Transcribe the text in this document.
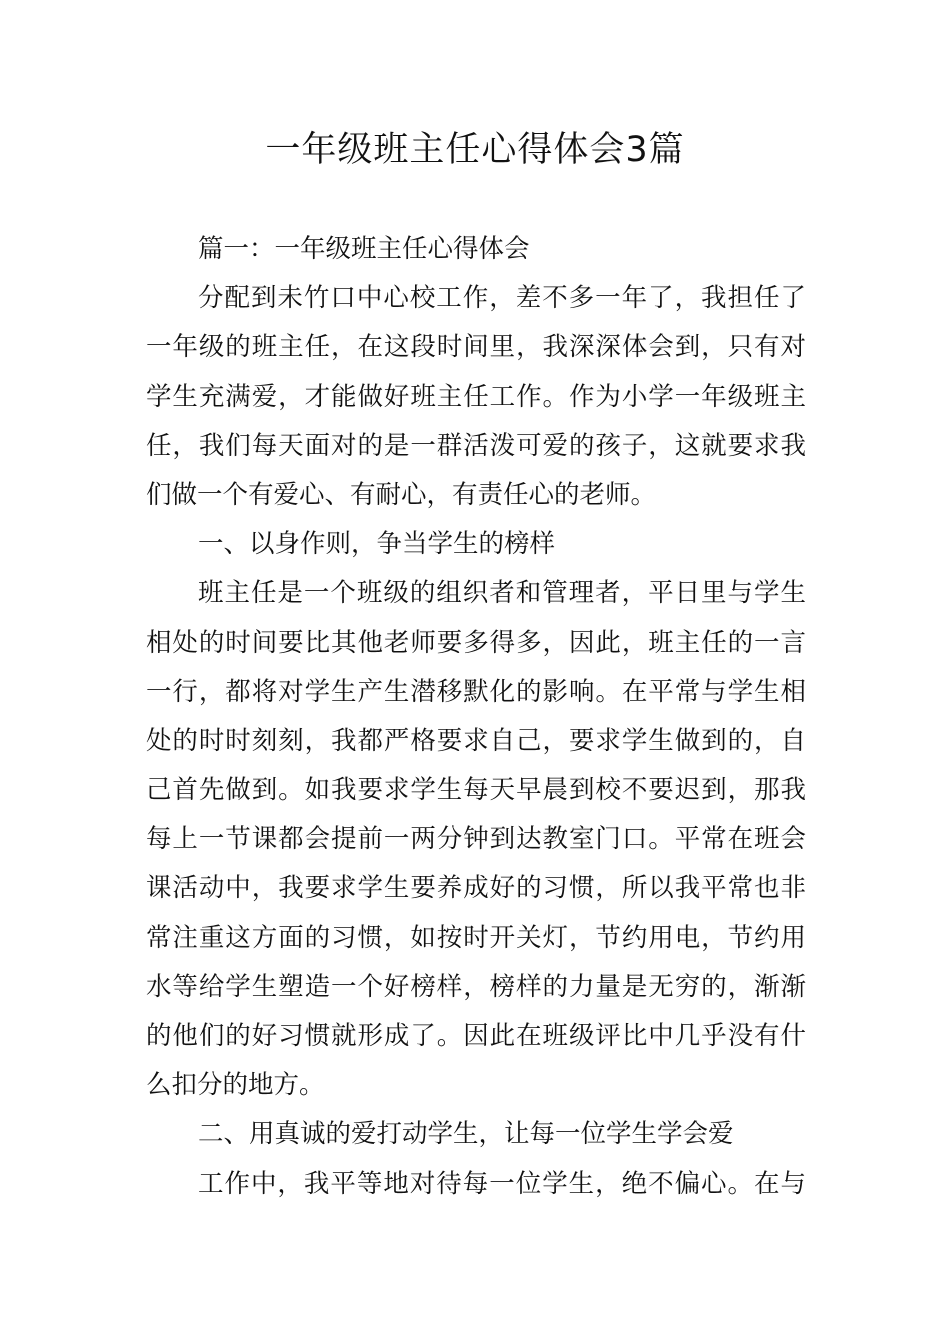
一年级班主任心得体会3篇
篇一：一年级班主任心得体会
分配到未竹口中心校工作，差不多一年了，我担任了
一年级的班主任，在这段时间里，我深深体会到，只有对
学生充满爱，才能做好班主任工作。作为小学一年级班主
任，我们每天面对的是一群活泼可爱的孩子，这就要求我
们做一个有爱心、有耐心，有责任心的老师。
一、以身作则，争当学生的榜样
班主任是一个班级的组织者和管理者，平日里与学生
相处的时间要比其他老师要多得多，因此，班主任的一言
一行，都将对学生产生潜移默化的影响。在平常与学生相
处的时时刻刻，我都严格要求自己，要求学生做到的，自
己首先做到。如我要求学生每天早晨到校不要迟到，那我
每上一节课都会提前一两分钟到达教室门口。平常在班会
课活动中，我要求学生要养成好的习惯，所以我平常也非
常注重这方面的习惯，如按时开关灯，节约用电，节约用
水等给学生塑造一个好榜样，榜样的力量是无穷的，渐渐
的他们的好习惯就形成了。因此在班级评比中几乎没有什
么扣分的地方。
二、用真诚的爱打动学生，让每一位学生学会爱
工作中，我平等地对待每一位学生，绝不偏心。在与
